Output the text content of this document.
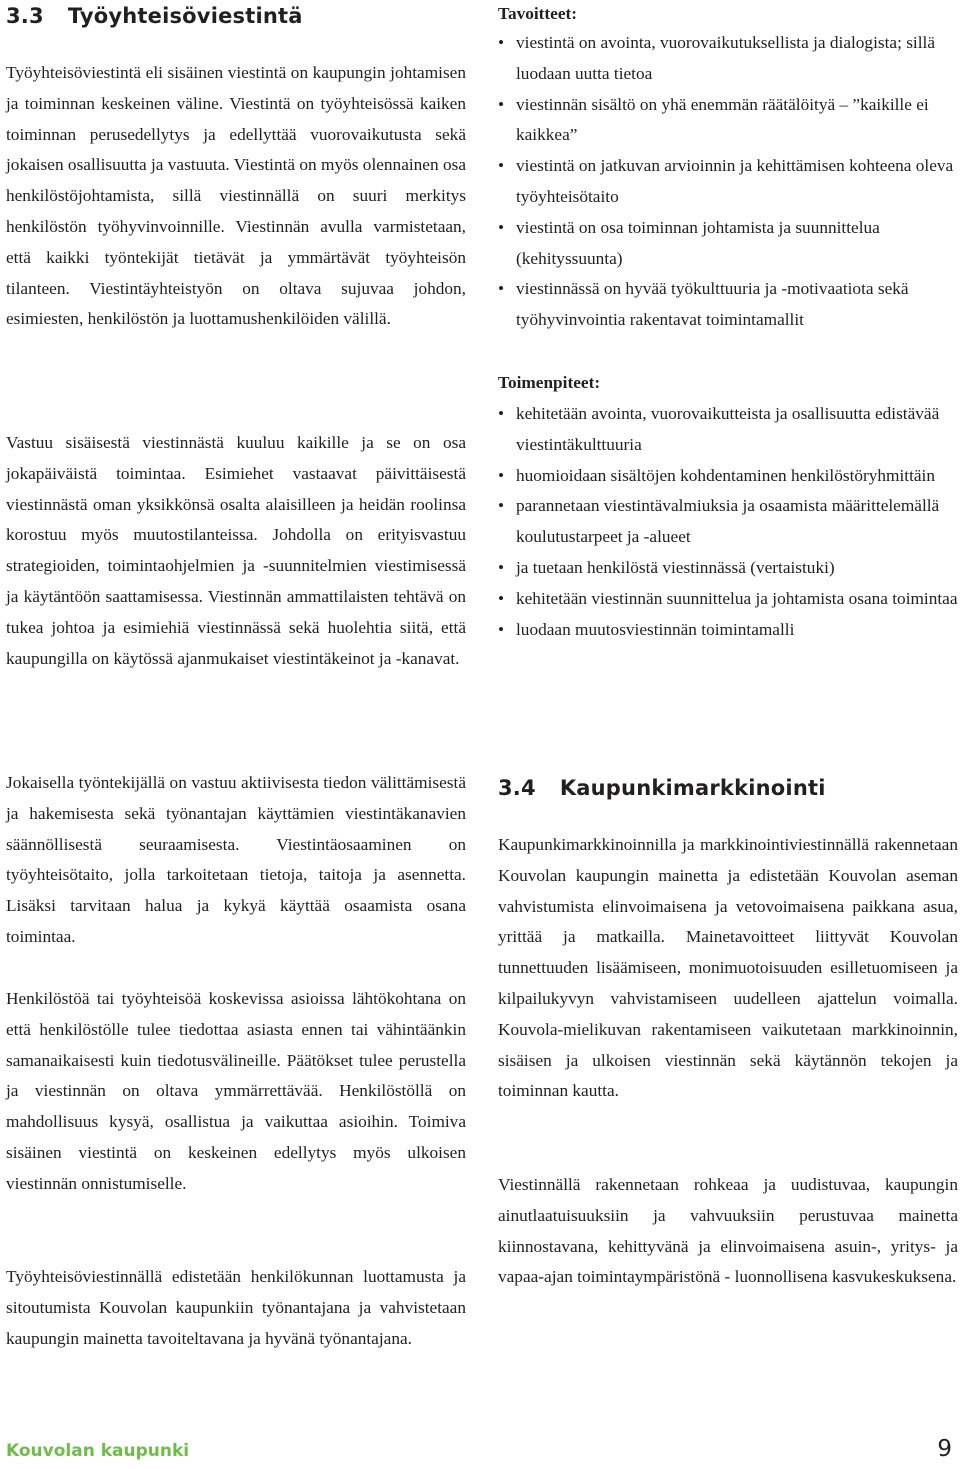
3.3 Työyhteisöviestintä

Työyhteisöviestintä eli sisäinen viestintä on kaupungin johtamisen ja toiminnan keskeinen väline. Viestintä on työyhteisössä kaiken toiminnan perusedellytys ja edellyttää vuorovaikutusta sekä jokaisen osallisuutta ja vastuuta. Viestintä on myös olennainen osa henkilöstöjohtamista, sillä viestinnällä on suuri merkitys henkilöstön työhyvinvoinnille. Viestinnän avulla varmistetaan, että kaikki työntekijät tietävät ja ymmärtävät työyhteisön tilanteen. Viestintäyhteistyön on oltava sujuvaa johdon, esimiesten, henkilöstön ja luottamushenkilöiden välillä.

Vastuu sisäisestä viestinnästä kuuluu kaikille ja se on osa jokapäiväistä toimintaa. Esimiehet vastaavat päivittäisestä viestinnästä oman yksikkönsä osalta alaisilleen ja heidän roolinsa korostuu myös muutostilanteissa. Johdolla on erityisvastuu strategioiden, toimintaohjelmien ja -suunnitelmien viestimisessä ja käytäntöön saattamisessa. Viestinnän ammattilaisten tehtävä on tukea johtoa ja esimiehiä viestinnässä sekä huolehtia siitä, että kaupungilla on käytössä ajanmukaiset viestintäkeinot ja -kanavat.

Jokaisella työntekijällä on vastuu aktiivisesta tiedon välittämisestä ja hakemisesta sekä työnantajan käyttämien viestintäkanavien säännöllisestä seuraamisesta. Viestintäosaaminen on työyhteisötaito, jolla tarkoitetaan tietoja, taitoja ja asennetta. Lisäksi tarvitaan halua ja kykyä käyttää osaamista osana toimintaa.

Henkilöstöä tai työyhteisöä koskevissa asioissa lähtökohtana on että henkilöstölle tulee tiedottaa asiasta ennen tai vähintäänkin samanaikaisesti kuin tiedotusvälineille. Päätökset tulee perustella ja viestinnän on oltava ymmärrettävää. Henkilöstöllä on mahdollisuus kysyä, osallistua ja vaikuttaa asioihin. Toimiva sisäinen viestintä on keskeinen edellytys myös ulkoisen viestinnän onnistumiselle.

Työyhteisöviestinnällä edistetään henkilökunnan luottamusta ja sitoutumista Kouvolan kaupunkiin työnantajana ja vahvistetaan kaupungin mainetta tavoiteltavana ja hyvänä työnantajana.

Tavoitteet:
• viestintä on avointa, vuorovaikutuksellista ja dialogista; sillä luodaan uutta tietoa
• viestinnän sisältö on yhä enemmän räätälöityä – ”kaikille ei kaikkea”
• viestintä on jatkuvan arvioinnin ja kehittämisen kohteena oleva työyhteisötaito
• viestintä on osa toiminnan johtamista ja suunnittelua (kehityssuunta)
• viestinnässä on hyvää työkulttuuria ja -motivaatiota sekä työhyvinvointia rakentavat toimintamallit
Toimenpiteet:
• kehitetään avointa, vuorovaikutteista ja osallisuutta edistävää viestintäkulttuuria
• huomioidaan sisältöjen kohdentaminen henkilöstöryhmittäin
• parannetaan viestintävalmiuksia ja osaamista määrittelemällä koulutustarpeet ja -alueet
• ja tuetaan henkilöstä viestinnässä (vertaistuki)
• kehitetään viestinnän suunnittelua ja johtamista osana toimintaa
• luodaan muutosviestinnän toimintamalli
3.4 Kaupunkimarkkinointi

Kaupunkimarkkinoinnilla ja markkinointiviestinnällä rakennetaan Kouvolan kaupungin mainetta ja edistetään Kouvolan aseman vahvistumista elinvoimaisena ja vetovoimaisena paikkana asua, yrittää ja matkailla. Mainetavoitteet liittyvät Kouvolan tunnettuuden lisäämiseen, monimuotoisuuden esilletuomiseen ja kilpailukyvyn vahvistamiseen uudelleen ajattelun voimalla. Kouvola-mielikuvan rakentamiseen vaikutetaan markkinoinnin, sisäisen ja ulkoisen viestinnän sekä käytännön tekojen ja toiminnan kautta.

Viestinnällä rakennetaan rohkeaa ja uudistuvaa, kaupungin ainutlaatuisuuksiin ja vahvuuksiin perustuvaa mainetta kiinnostavana, kehittyvänä ja elinvoimaisena asuin-, yritys- ja vapaa-ajan toimintaympäristönä - luonnollisena kasvukeskuksena.

Kouvolan kaupunki	9
